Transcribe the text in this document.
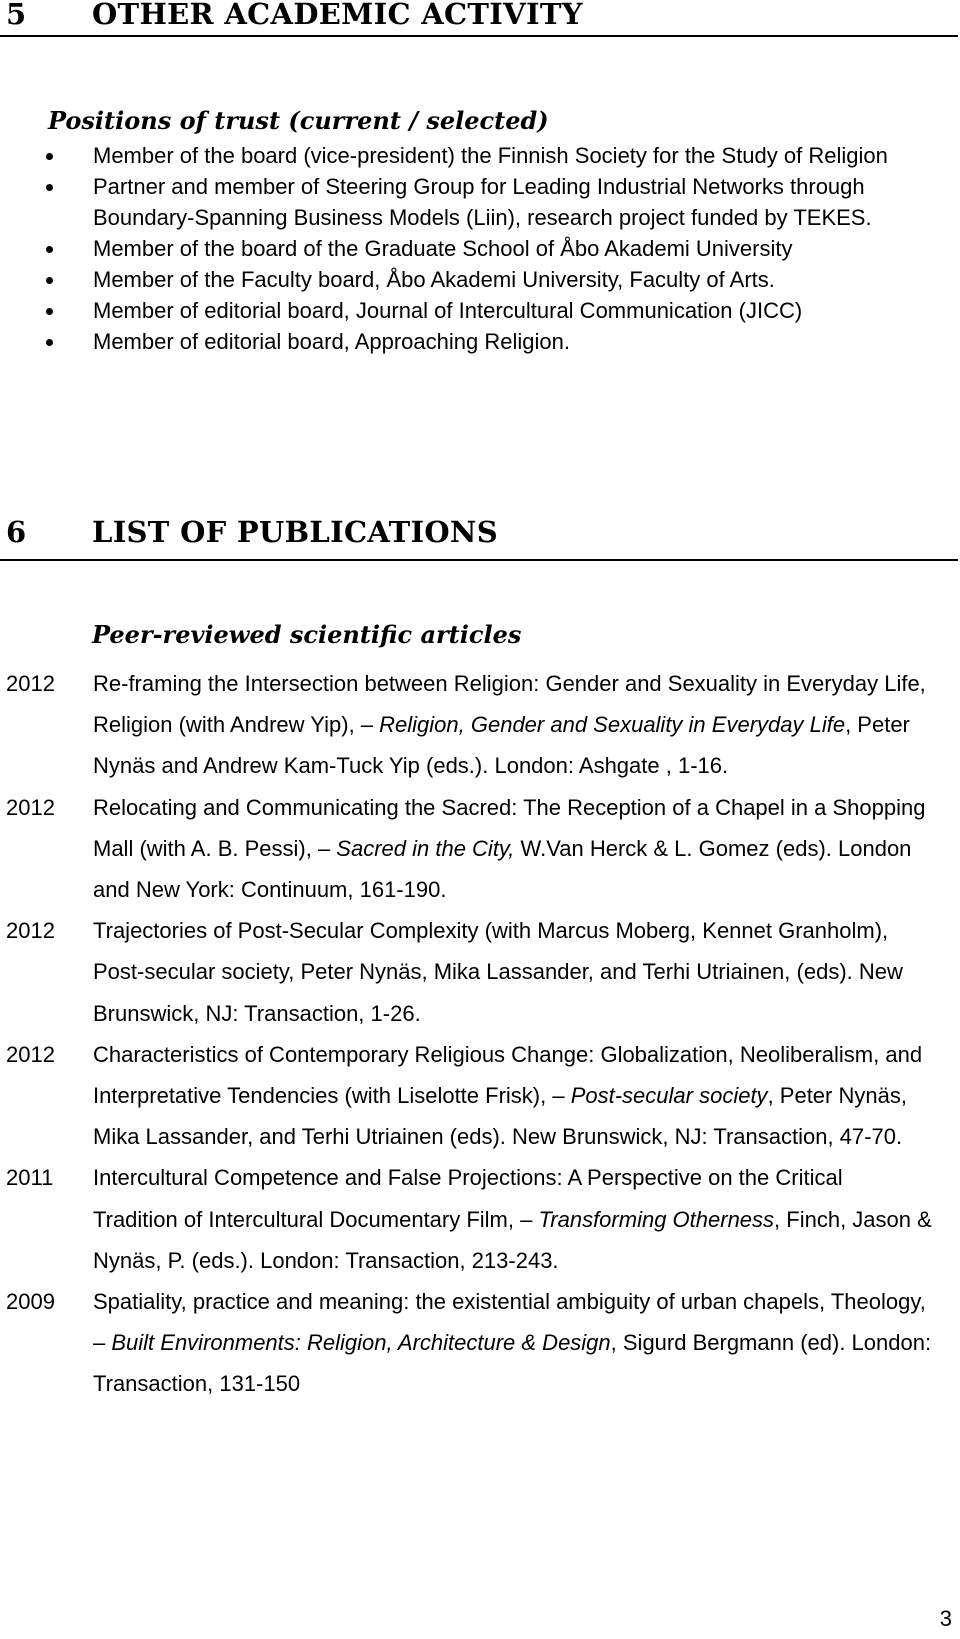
5 OTHER ACADEMIC ACTIVITY
Positions of trust (current / selected)
Member of the board (vice-president) the Finnish Society for the Study of Religion
Partner and member of Steering Group for Leading Industrial Networks through Boundary-Spanning Business Models (Liin), research project funded by TEKES.
Member of the board of the Graduate School of Åbo Akademi University
Member of the Faculty board, Åbo Akademi University, Faculty of Arts.
Member of editorial board, Journal of Intercultural Communication (JICC)
Member of editorial board, Approaching Religion.
6 LIST OF PUBLICATIONS
Peer-reviewed scientific articles
2012 Re-framing the Intersection between Religion: Gender and Sexuality in Everyday Life, Religion (with Andrew Yip), – Religion, Gender and Sexuality in Everyday Life, Peter Nynäs and Andrew Kam-Tuck Yip (eds.). London: Ashgate , 1-16.
2012 Relocating and Communicating the Sacred: The Reception of a Chapel in a Shopping Mall (with A. B. Pessi), – Sacred in the City, W.Van Herck & L. Gomez (eds). London and New York: Continuum, 161-190.
2012 Trajectories of Post-Secular Complexity (with Marcus Moberg, Kennet Granholm), Post-secular society, Peter Nynäs, Mika Lassander, and Terhi Utriainen, (eds). New Brunswick, NJ: Transaction, 1-26.
2012 Characteristics of Contemporary Religious Change: Globalization, Neoliberalism, and Interpretative Tendencies (with Liselotte Frisk), – Post-secular society, Peter Nynäs, Mika Lassander, and Terhi Utriainen (eds). New Brunswick, NJ: Transaction, 47-70.
2011 Intercultural Competence and False Projections: A Perspective on the Critical Tradition of Intercultural Documentary Film, – Transforming Otherness, Finch, Jason & Nynäs, P. (eds.). London: Transaction, 213-243.
2009 Spatiality, practice and meaning: the existential ambiguity of urban chapels, Theology, – Built Environments: Religion, Architecture & Design, Sigurd Bergmann (ed). London: Transaction, 131-150
3
